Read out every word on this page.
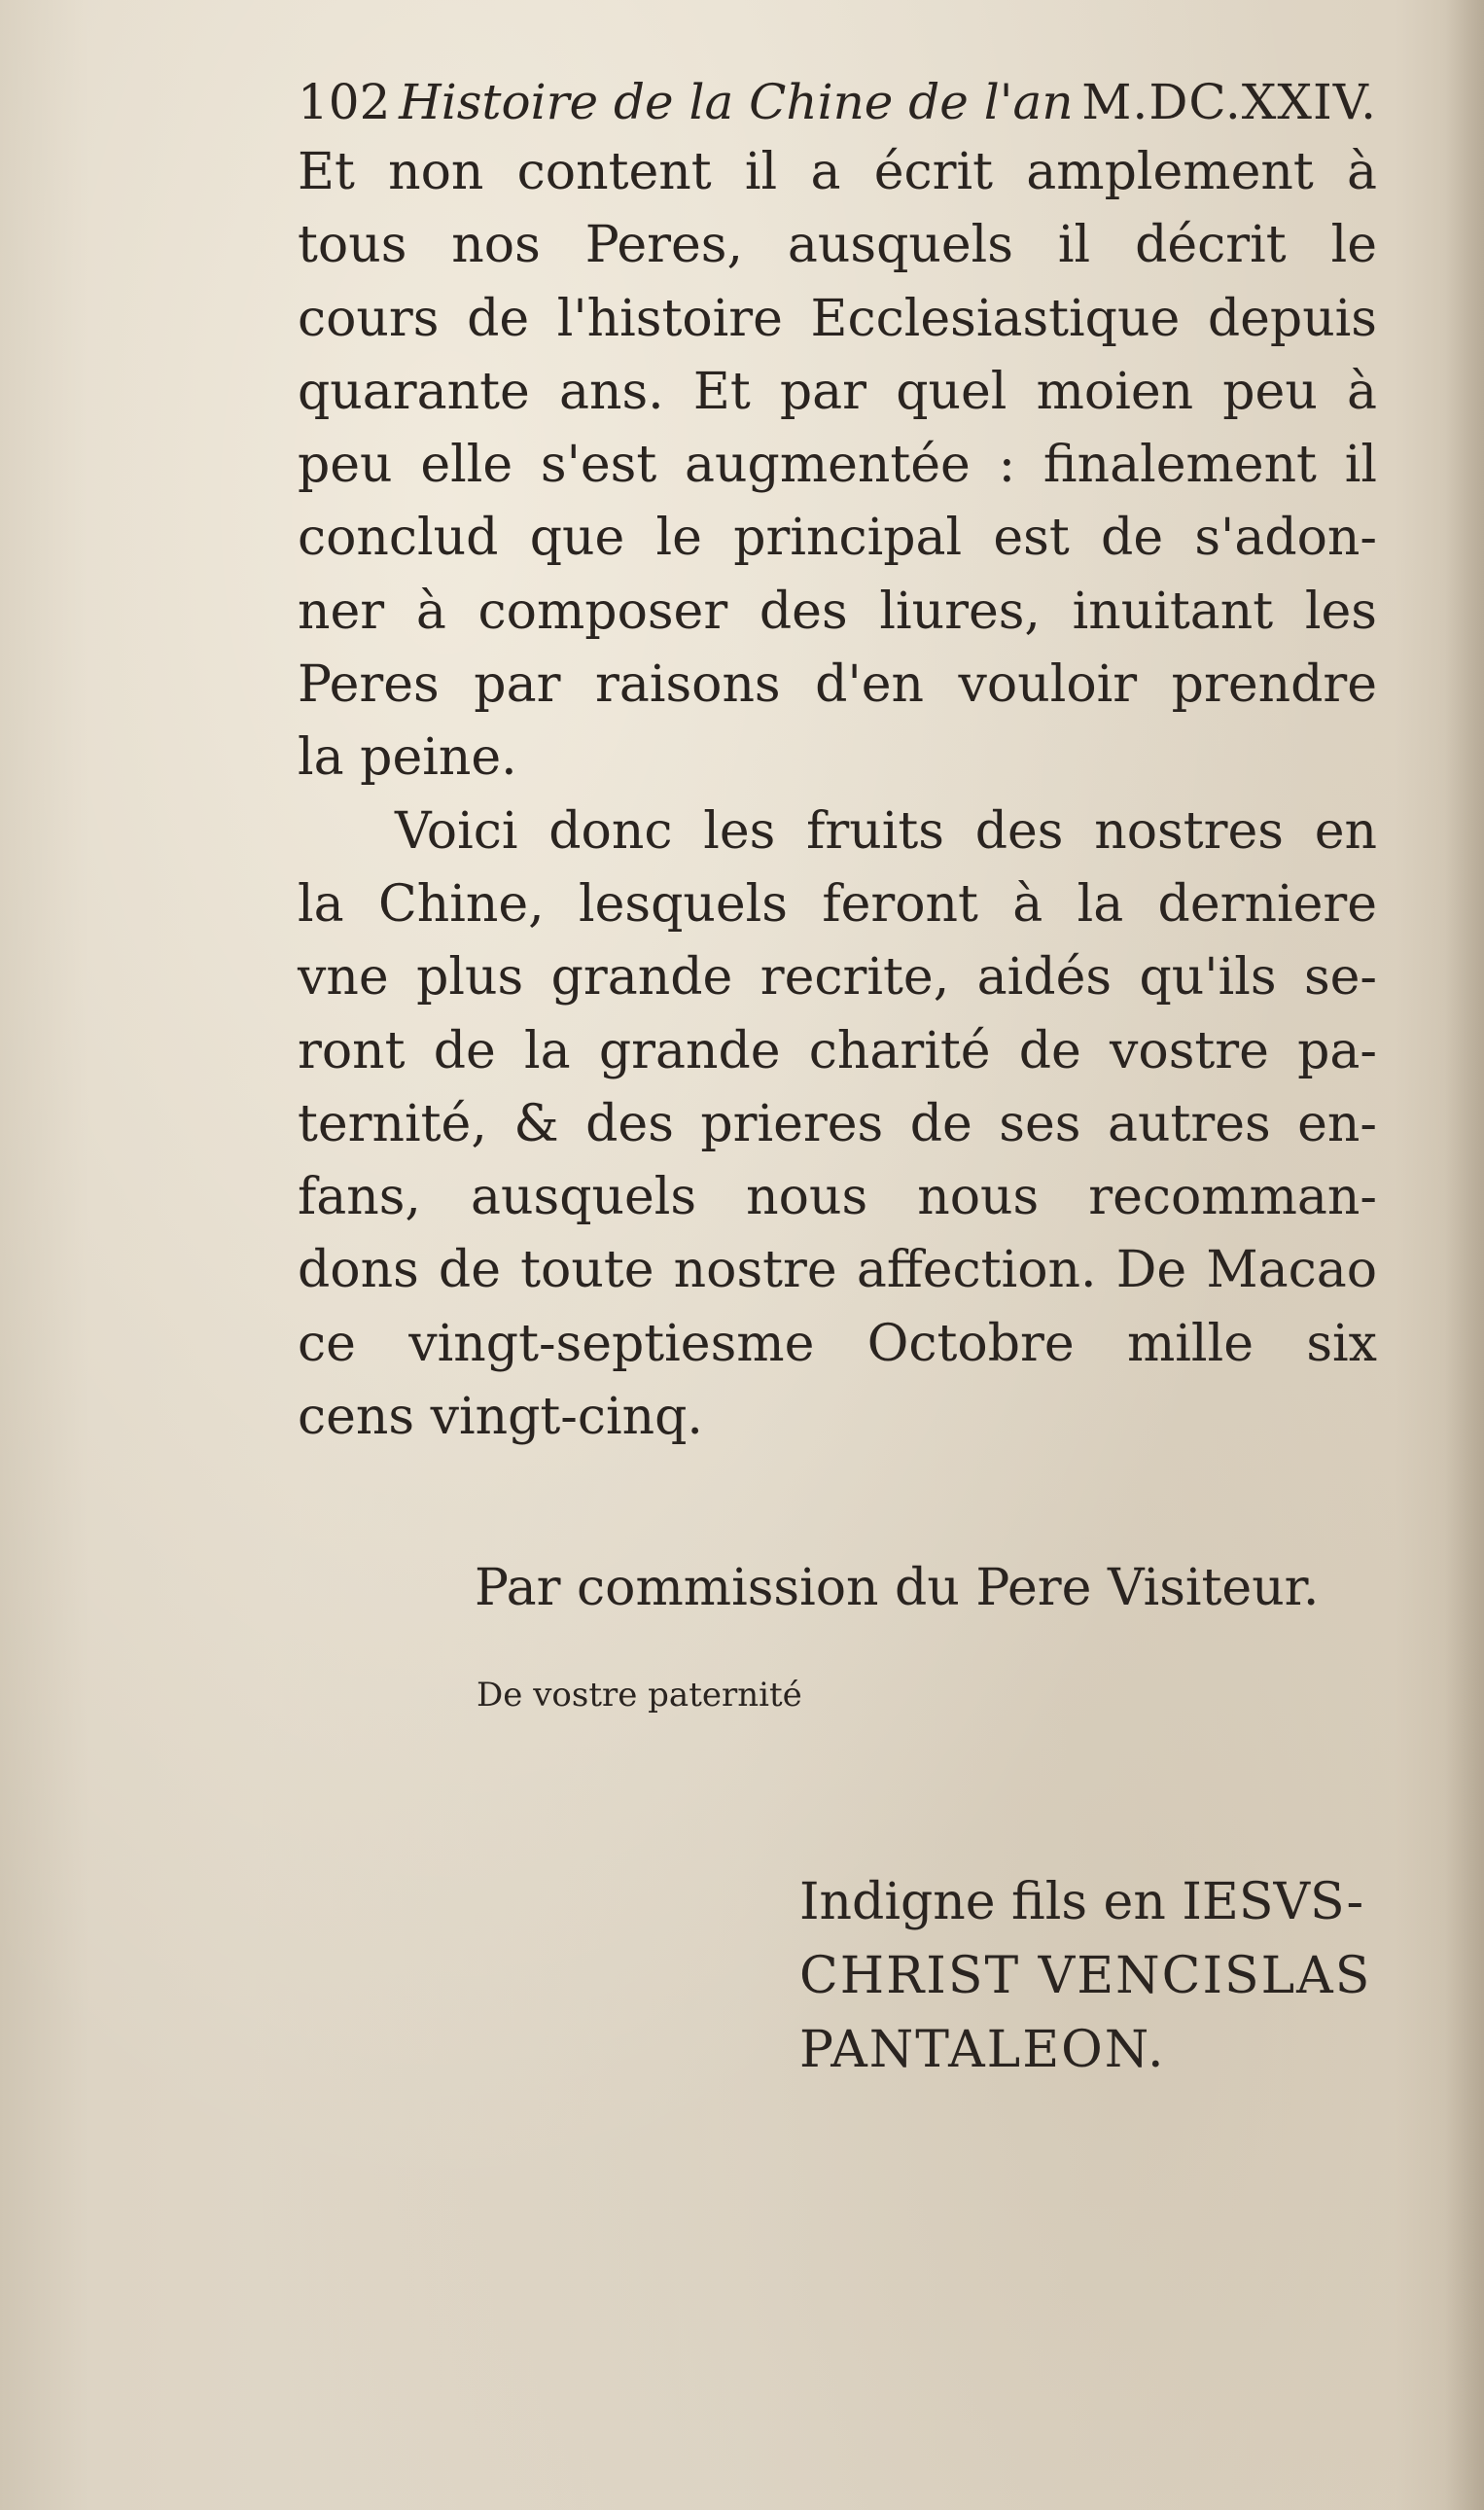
102 Histoire de la Chine de l'an M.DC.XXIV.
Et non content il a écrit amplement à
tous nos Peres, ausquels il décrit le
cours de l'histoire Ecclesiastique depuis
quarante ans. Et par quel moien peu à
peu elle s'est augmentée : finalement il
conclud que le principal est de s'adon-
ner à composer des liures, inuitant les
Peres par raisons d'en vouloir prendre
la peine.
Voici donc les fruits des nostres en
la Chine, lesquels feront à la derniere
vne plus grande recrite, aidés qu'ils se-
ront de la grande charité de vostre pa-
ternité, & des prieres de ses autres en-
fans, ausquels nous nous recomman-
dons de toute nostre affection. De Macao
ce vingt-septiesme Octobre mille six
cens vingt-cinq.
Par commission du Pere Visiteur.
De vostre paternité
Indigne fils en IESVS-
CHRIST VENCISLAS
PANTALEON.
